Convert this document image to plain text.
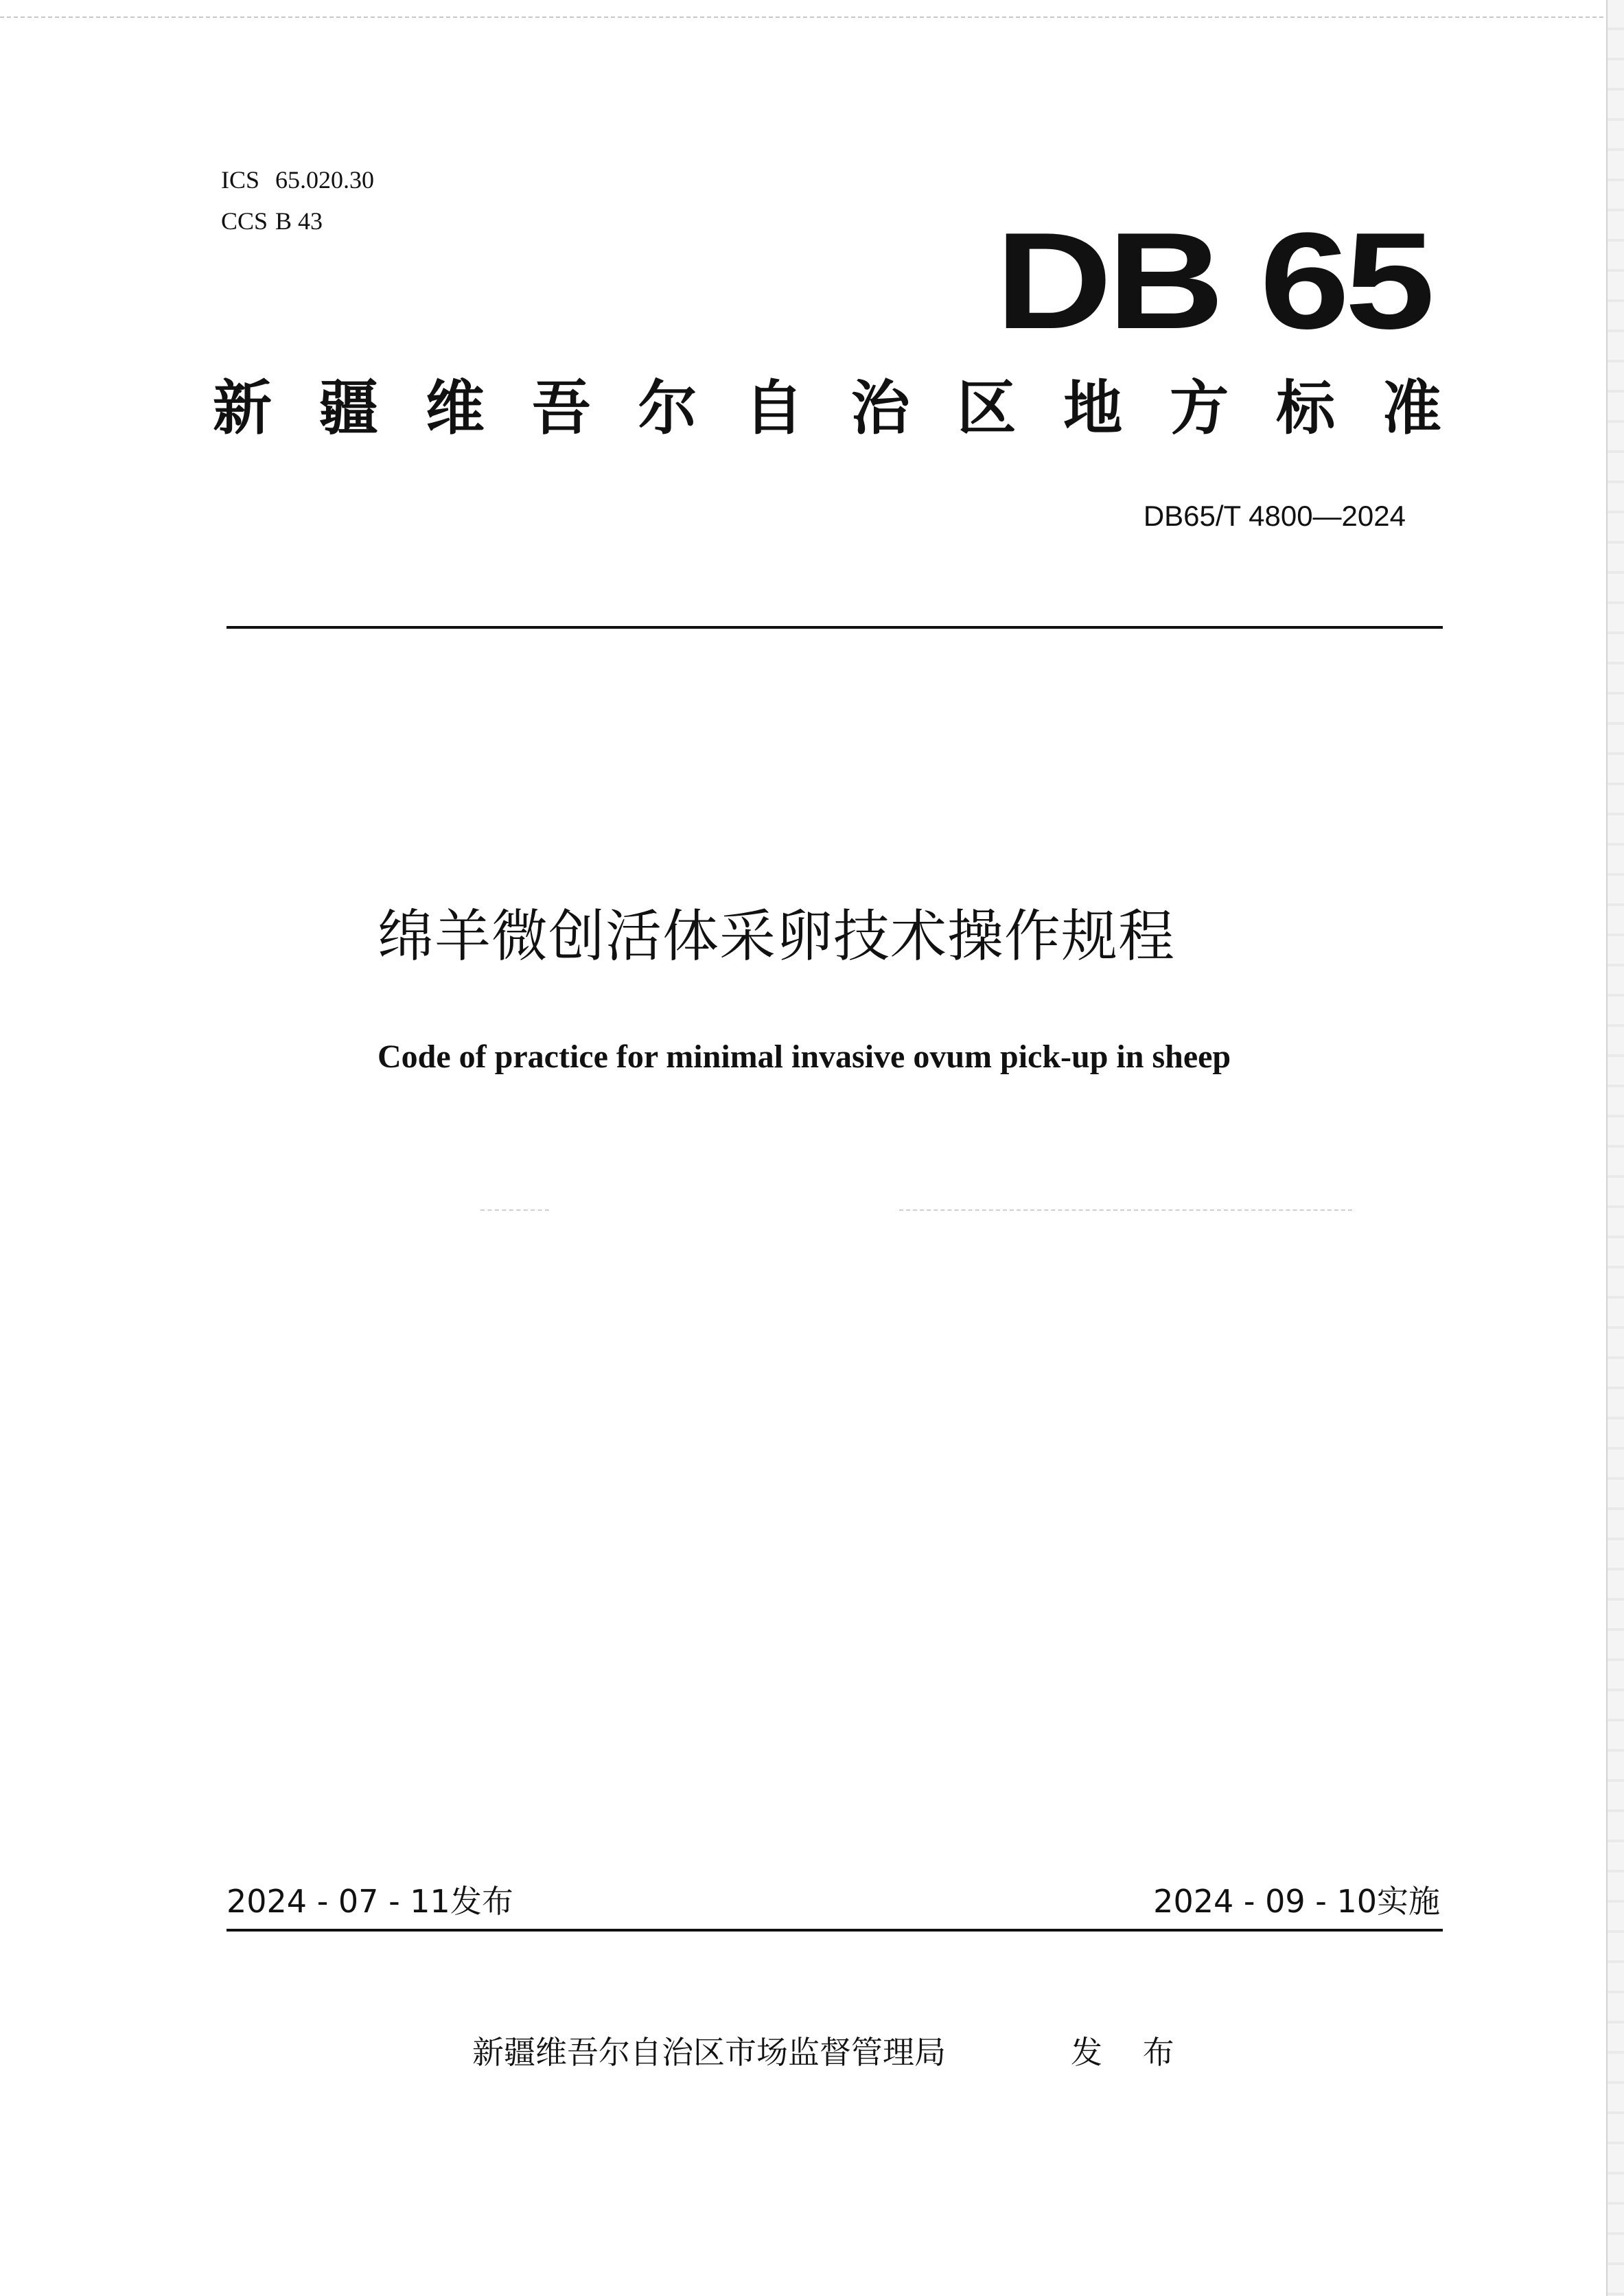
ICS 65.020.30
CCS B 43	DB 65
新 疆 维 吾 尔 自 治 区 地 方 标 准
DB65/T 4800—2024
绵羊微创活体采卵技术操作规程
Code of practice for minimal invasive ovum pick-up in sheep
2024 - 07 - 11发布	2024 - 09 - 10实施
新疆维吾尔自治区市场监督管理局	发 布
